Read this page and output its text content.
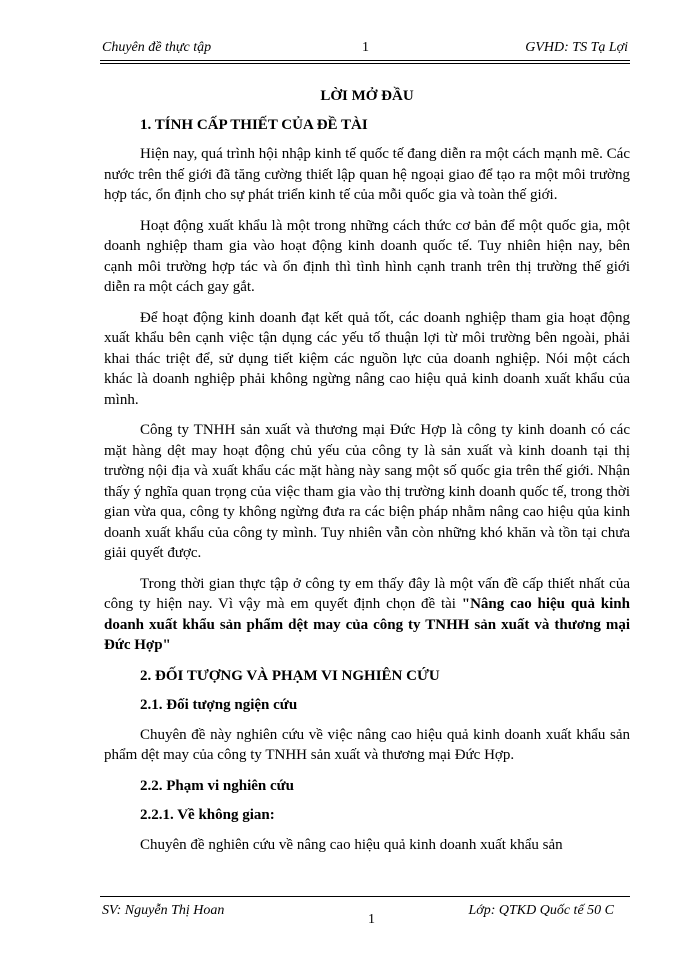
Chuyên đề thực tập	1	GVHD: TS Tạ Lợi

LỜI MỞ ĐẦU

1. TÍNH CẤP THIẾT CỦA ĐỀ TÀI

Hiện nay, quá trình hội nhập kinh tế quốc tế đang diễn ra một cách mạnh mẽ. Các nước trên thế giới đã tăng cường thiết lập quan hệ ngoại giao để tạo ra một môi trường hợp tác, ổn định cho sự phát triển kinh tế của mỗi quốc gia và toàn thế giới.

Hoạt động xuất khẩu là một trong những cách thức cơ bản để một quốc gia, một doanh nghiệp tham gia vào hoạt động kinh doanh quốc tế. Tuy nhiên hiện nay, bên cạnh môi trường hợp tác và ổn định thì tình hình cạnh tranh trên thị trường thế giới diễn ra một cách gay gắt.

Để hoạt động kinh doanh đạt kết quả tốt, các doanh nghiệp tham gia hoạt động xuất khẩu bên cạnh việc tận dụng các yếu tố thuận lợi từ môi trường bên ngoài, phải khai thác triệt để, sử dụng tiết kiệm các nguồn lực của doanh nghiệp. Nói một cách khác là doanh nghiệp phải không ngừng nâng cao hiệu quả kinh doanh xuất khẩu của mình.

Công ty TNHH sản xuất và thương mại Đức Hợp là công ty kinh doanh có các mặt hàng dệt may hoạt động chủ yếu của công ty là sản xuất và kinh doanh tại thị trường nội địa và xuất khẩu các mặt hàng này sang một số quốc gia trên thế giới. Nhận thấy ý nghĩa quan trọng của việc tham gia vào thị trường kinh doanh quốc tế, trong thời gian vừa qua, công ty không ngừng đưa ra các biện pháp nhằm nâng cao hiệu qủa kinh doanh xuất khẩu của công ty mình. Tuy nhiên vẫn còn những khó khăn và tồn tại chưa giải quyết được.

Trong thời gian thực tập ở công ty em thấy đây là một vấn đề cấp thiết nhất của công ty hiện nay. Vì vậy mà em quyết định chọn đề tài "Nâng cao hiệu quả kinh doanh xuất khẩu sản phẩm dệt may của công ty TNHH sản xuất và thương mại Đức Hợp"

2. ĐỐI TƯỢNG VÀ PHẠM VI NGHIÊN CỨU

2.1. Đối tượng ngiện cứu

Chuyên đề này nghiên cứu về việc nâng cao hiệu quả kinh doanh xuất khẩu sản phẩm dệt may của công ty TNHH sản xuất và thương mại Đức Hợp.

2.2. Phạm vi nghiên cứu

2.2.1. Về không gian:

Chuyên đề nghiên cứu về nâng cao hiệu quả kinh doanh xuất khẩu sản

SV: Nguyễn Thị Hoan
1
Lớp: QTKD Quốc tế 50 C
